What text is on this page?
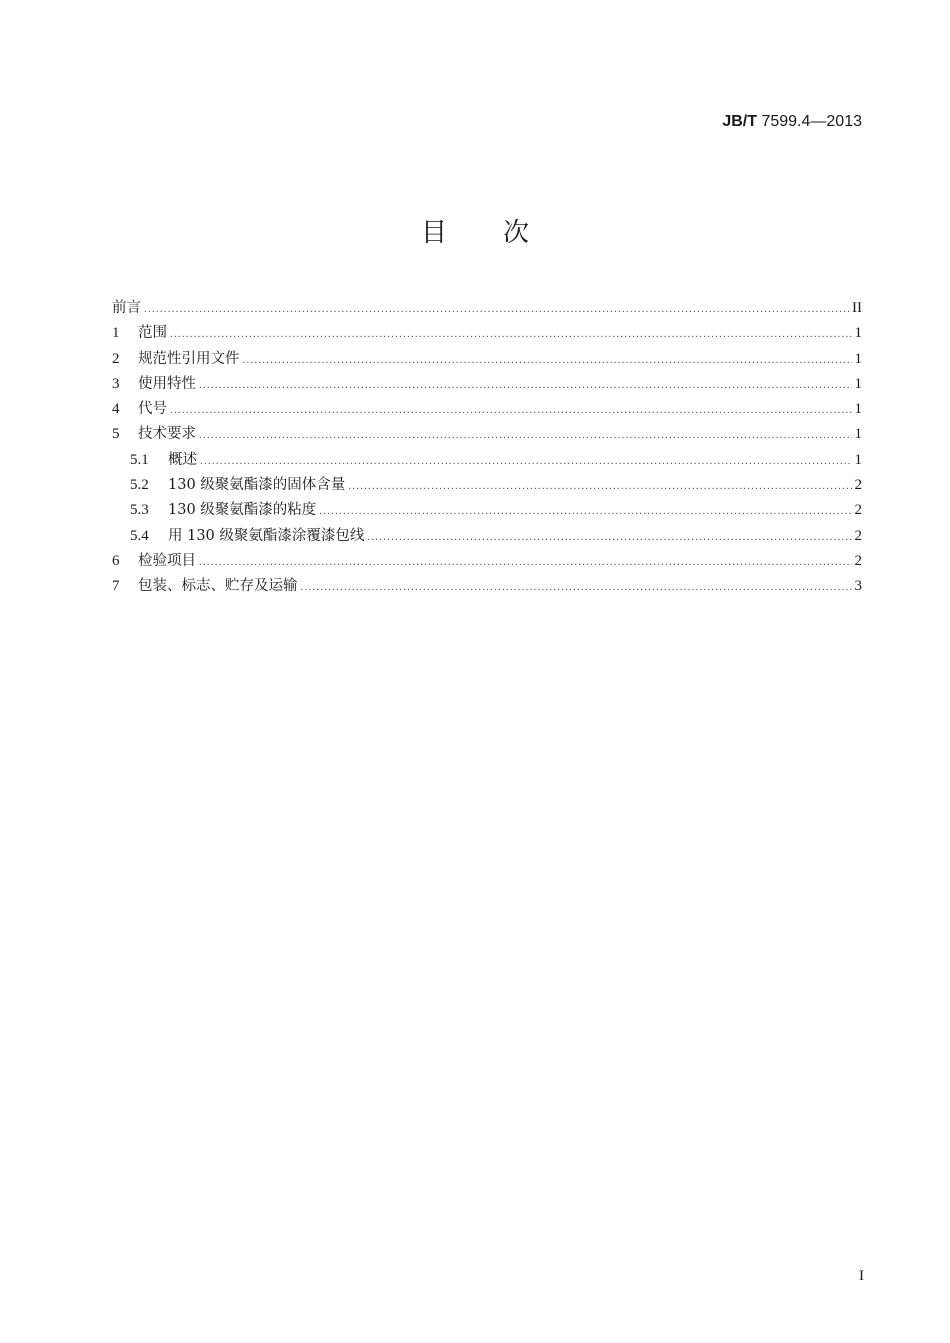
JB/T 7599.4—2013
目 次
前言 .....	II
1	范围 .....	1
2	规范性引用文件 .....	1
3	使用特性 .....	1
4	代号 .....	1
5	技术要求 .....	1
5.1	概述 .....	1
5.2	130 级聚氨酯漆的固体含量 .....	2
5.3	130 级聚氨酯漆的粘度 .....	2
5.4	用 130 级聚氨酯漆涂覆漆包线 .....	2
6	检验项目 .....	2
7	包装、标志、贮存及运输 .....	3
I
